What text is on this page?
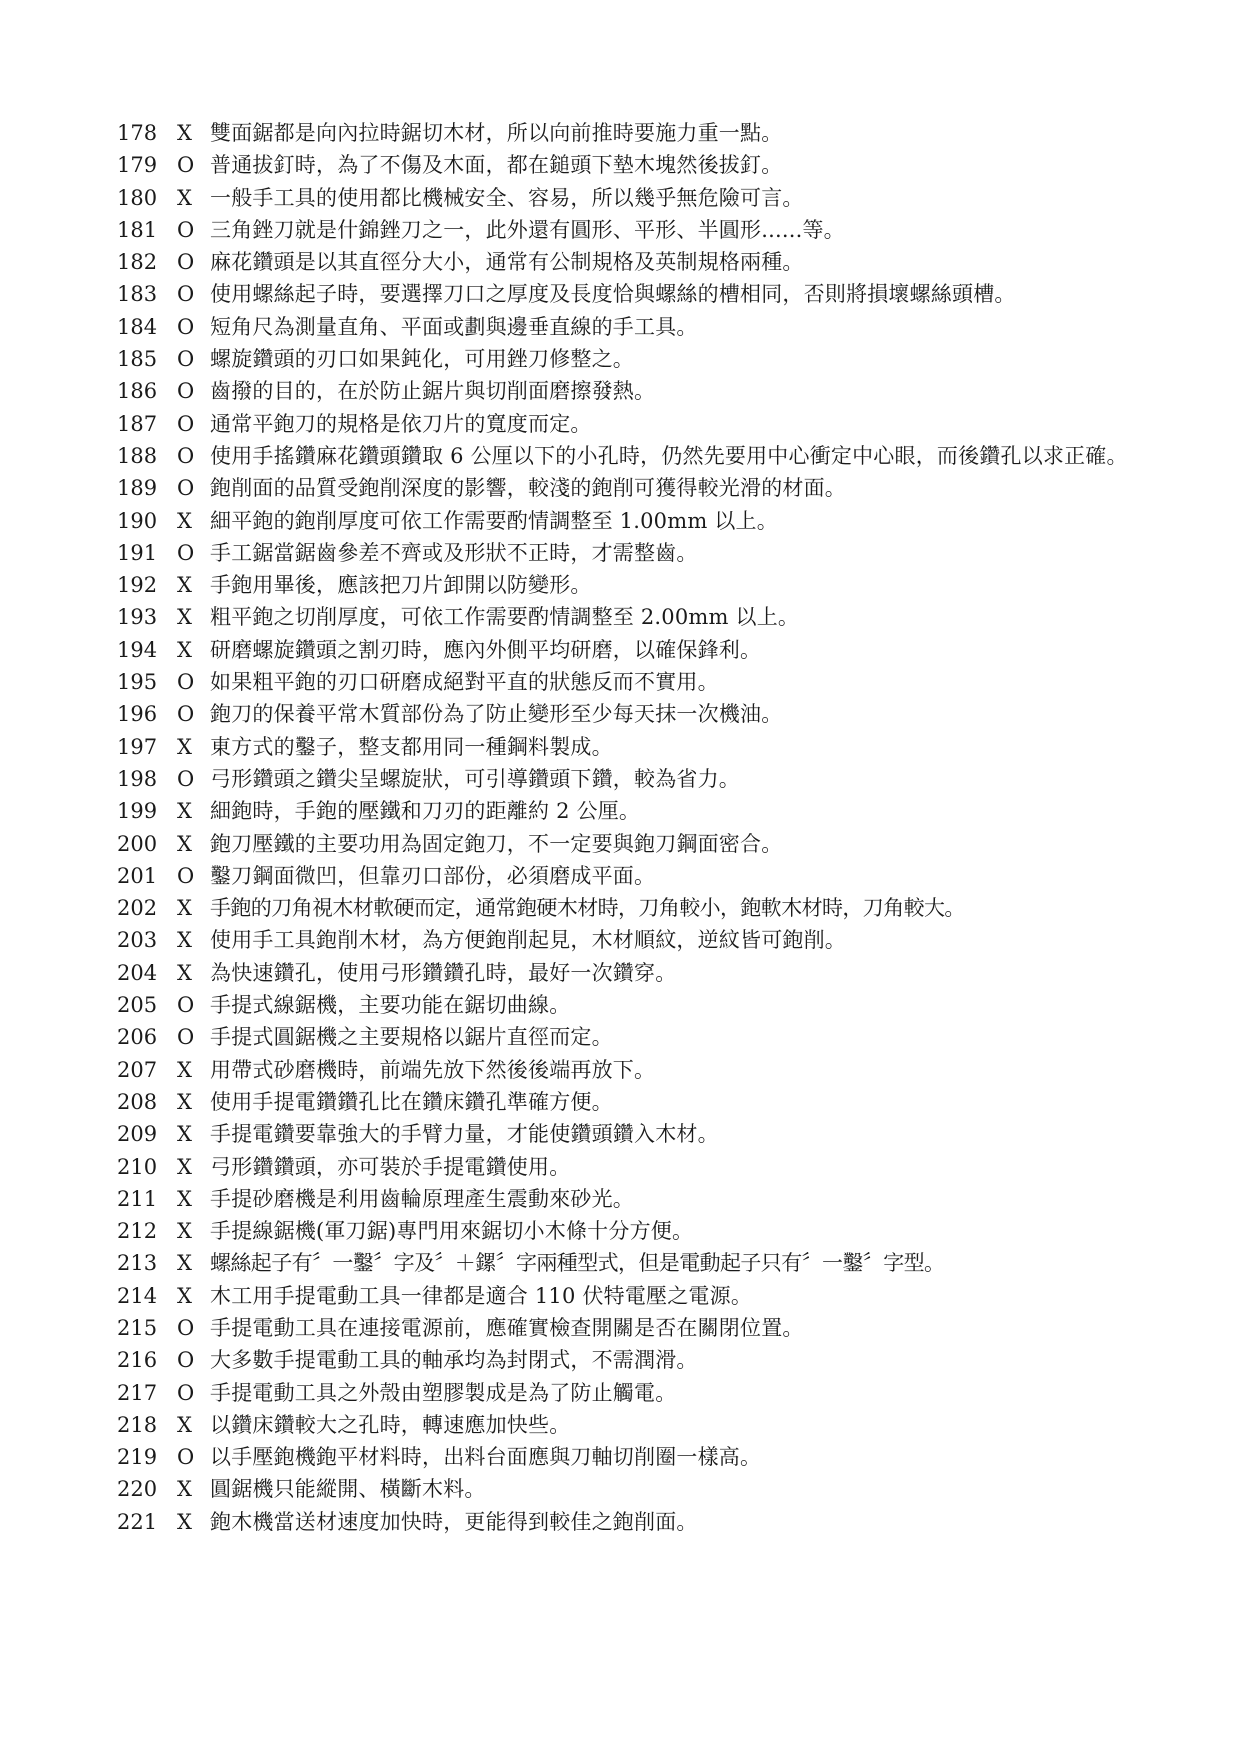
178 X 雙面鋸都是向內拉時鋸切木材，所以向前推時要施力重一點。
179 O 普通拔釘時，為了不傷及木面，都在鎚頭下墊木塊然後拔釘。
180 X 一般手工具的使用都比機械安全、容易，所以幾乎無危險可言。
181 O 三角銼刀就是什錦銼刀之一，此外還有圓形、平形、半圓形......等。
182 O 麻花鑽頭是以其直徑分大小，通常有公制規格及英制規格兩種。
183 O 使用螺絲起子時，要選擇刀口之厚度及長度恰與螺絲的槽相同，否則將損壞螺絲頭槽。
184 O 短角尺為測量直角、平面或劃與邊垂直線的手工具。
185 O 螺旋鑽頭的刃口如果鈍化，可用銼刀修整之。
186 O 齒撥的目的，在於防止鋸片與切削面磨擦發熱。
187 O 通常平鉋刀的規格是依刀片的寬度而定。
188 O 使用手搖鑽麻花鑽頭鑽取 6 公厘以下的小孔時，仍然先要用中心衝定中心眼，而後鑽孔以求正確。
189 O 鉋削面的品質受鉋削深度的影響，較淺的鉋削可獲得較光滑的材面。
190 X 細平鉋的鉋削厚度可依工作需要酌情調整至 1.00mm 以上。
191 O 手工鋸當鋸齒參差不齊或及形狀不正時，才需整齒。
192 X 手鉋用畢後，應該把刀片卸開以防變形。
193 X 粗平鉋之切削厚度，可依工作需要酌情調整至 2.00mm 以上。
194 X 研磨螺旋鑽頭之割刃時，應內外側平均研磨，以確保鋒利。
195 O 如果粗平鉋的刃口研磨成絕對平直的狀態反而不實用。
196 O 鉋刀的保養平常木質部份為了防止變形至少每天抹一次機油。
197 X 東方式的鑿子，整支都用同一種鋼料製成。
198 O 弓形鑽頭之鑽尖呈螺旋狀，可引導鑽頭下鑽，較為省力。
199 X 細鉋時，手鉋的壓鐵和刀刃的距離約 2 公厘。
200 X 鉋刀壓鐵的主要功用為固定鉋刀，不一定要與鉋刀鋼面密合。
201 O 鑿刀鋼面微凹，但靠刃口部份，必須磨成平面。
202 X 手鉋的刀角視木材軟硬而定，通常鉋硬木材時，刀角較小，鉋軟木材時，刀角較大。
203 X 使用手工具鉋削木材，為方便鉋削起見，木材順紋，逆紋皆可鉋削。
204 X 為快速鑽孔，使用弓形鑽鑽孔時，最好一次鑽穿。
205 O 手提式線鋸機，主要功能在鋸切曲線。
206 O 手提式圓鋸機之主要規格以鋸片直徑而定。
207 X 用帶式砂磨機時，前端先放下然後後端再放下。
208 X 使用手提電鑽鑽孔比在鑽床鑽孔準確方便。
209 X 手提電鑽要靠強大的手臂力量，才能使鑽頭鑽入木材。
210 X 弓形鑽鑽頭，亦可裝於手提電鑽使用。
211 X 手提砂磨機是利用齒輪原理產生震動來砂光。
212 X 手提線鋸機(軍刀鋸)專門用來鋸切小木條十分方便。
213 X 螺絲起子有〞一鑿〞字及〞＋鏍〞字兩種型式，但是電動起子只有〞一鑿〞字型。
214 X 木工用手提電動工具一律都是適合 110 伏特電壓之電源。
215 O 手提電動工具在連接電源前，應確實檢查開關是否在關閉位置。
216 O 大多數手提電動工具的軸承均為封閉式，不需潤滑。
217 O 手提電動工具之外殼由塑膠製成是為了防止觸電。
218 X 以鑽床鑽較大之孔時，轉速應加快些。
219 O 以手壓鉋機鉋平材料時，出料台面應與刀軸切削圈一樣高。
220 X 圓鋸機只能縱開、橫斷木料。
221 X 鉋木機當送材速度加快時，更能得到較佳之鉋削面。
